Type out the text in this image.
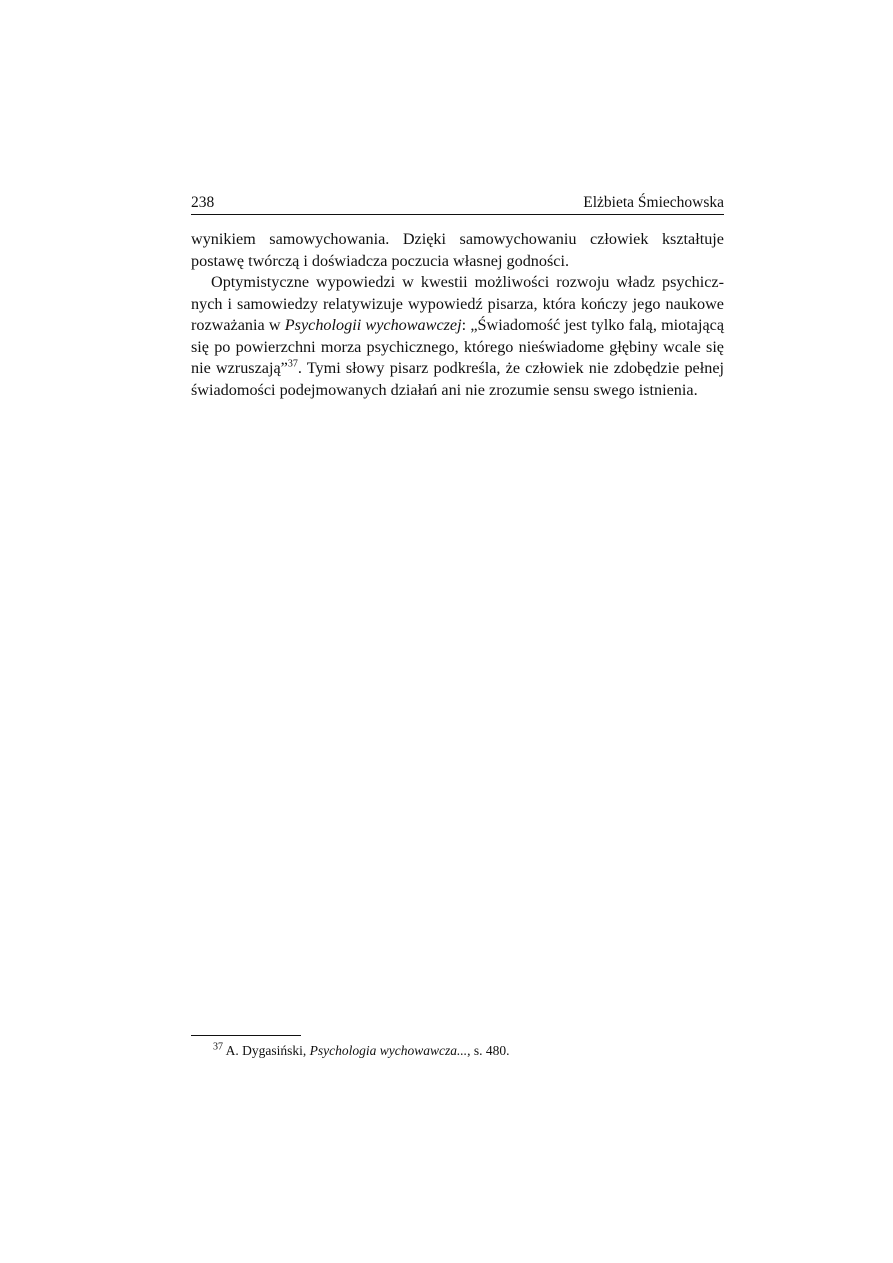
238	Elżbieta Śmiechowska
wynikiem samowychowania. Dzięki samowychowaniu człowiek kształtuje
postawę twórczą i doświadcza poczucia własnej godności.
Optymistyczne wypowiedzi w kwestii możliwości rozwoju władz psychicz-
nych i samowiedzy relatywizuje wypowiedź pisarza, która kończy jego naukowe
rozważania w Psychologii wychowawczej: „Świadomość jest tylko falą, miotającą
się po powierzchni morza psychicznego, którego nieświadome głębiny wcale się
nie wzruszają”$^{37}$. Tymi słowy pisarz podkreśla, że człowiek nie zdobędzie pełnej
świadomości podejmowanych działań ani nie zrozumie sensu swego istnienia.
$^{37}$ A. Dygasiński, Psychologia wychowawcza..., s. 480.
